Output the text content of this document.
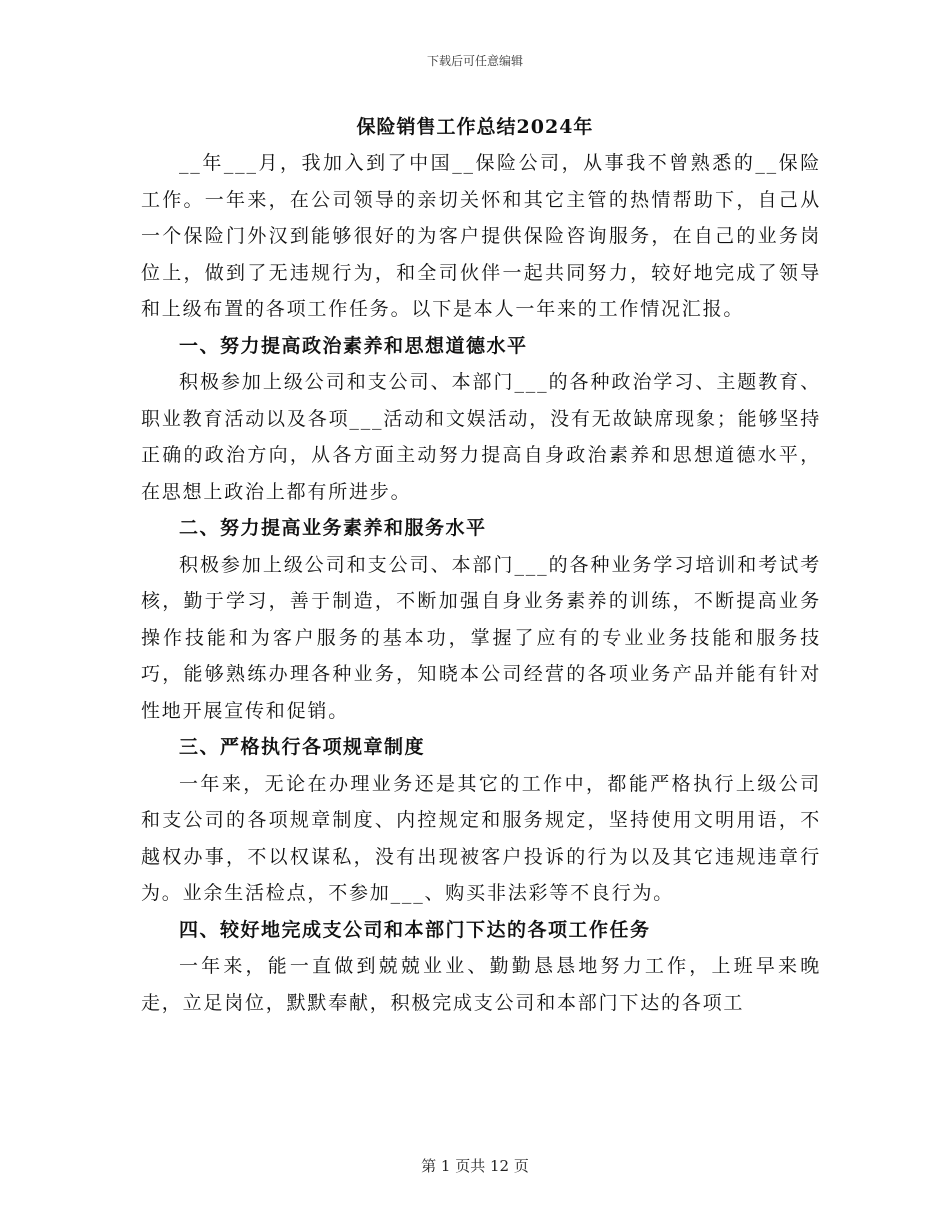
下载后可任意编辑
保险销售工作总结2024年

__年___月，我加入到了中国__保险公司，从事我不曾熟悉的__保险工作。一年来，在公司领导的亲切关怀和其它主管的热情帮助下，自己从一个保险门外汉到能够很好的为客户提供保险咨询服务，在自己的业务岗位上，做到了无违规行为，和全司伙伴一起共同努力，较好地完成了领导和上级布置的各项工作任务。以下是本人一年来的工作情况汇报。

一、努力提高政治素养和思想道德水平

积极参加上级公司和支公司、本部门___的各种政治学习、主题教育、职业教育活动以及各项___活动和文娱活动，没有无故缺席现象；能够坚持正确的政治方向，从各方面主动努力提高自身政治素养和思想道德水平，在思想上政治上都有所进步。

二、努力提高业务素养和服务水平

积极参加上级公司和支公司、本部门___的各种业务学习培训和考试考核，勤于学习，善于制造，不断加强自身业务素养的训练，不断提高业务操作技能和为客户服务的基本功，掌握了应有的专业业务技能和服务技巧，能够熟练办理各种业务，知晓本公司经营的各项业务产品并能有针对性地开展宣传和促销。

三、严格执行各项规章制度

一年来，无论在办理业务还是其它的工作中，都能严格执行上级公司和支公司的各项规章制度、内控规定和服务规定，坚持使用文明用语，不越权办事，不以权谋私，没有出现被客户投诉的行为以及其它违规违章行为。业余生活检点，不参加___、购买非法彩等不良行为。

四、较好地完成支公司和本部门下达的各项工作任务

一年来，能一直做到兢兢业业、勤勤恳恳地努力工作，上班早来晚走，立足岗位，默默奉献，积极完成支公司和本部门下达的各项工

第 1 页共 12 页
